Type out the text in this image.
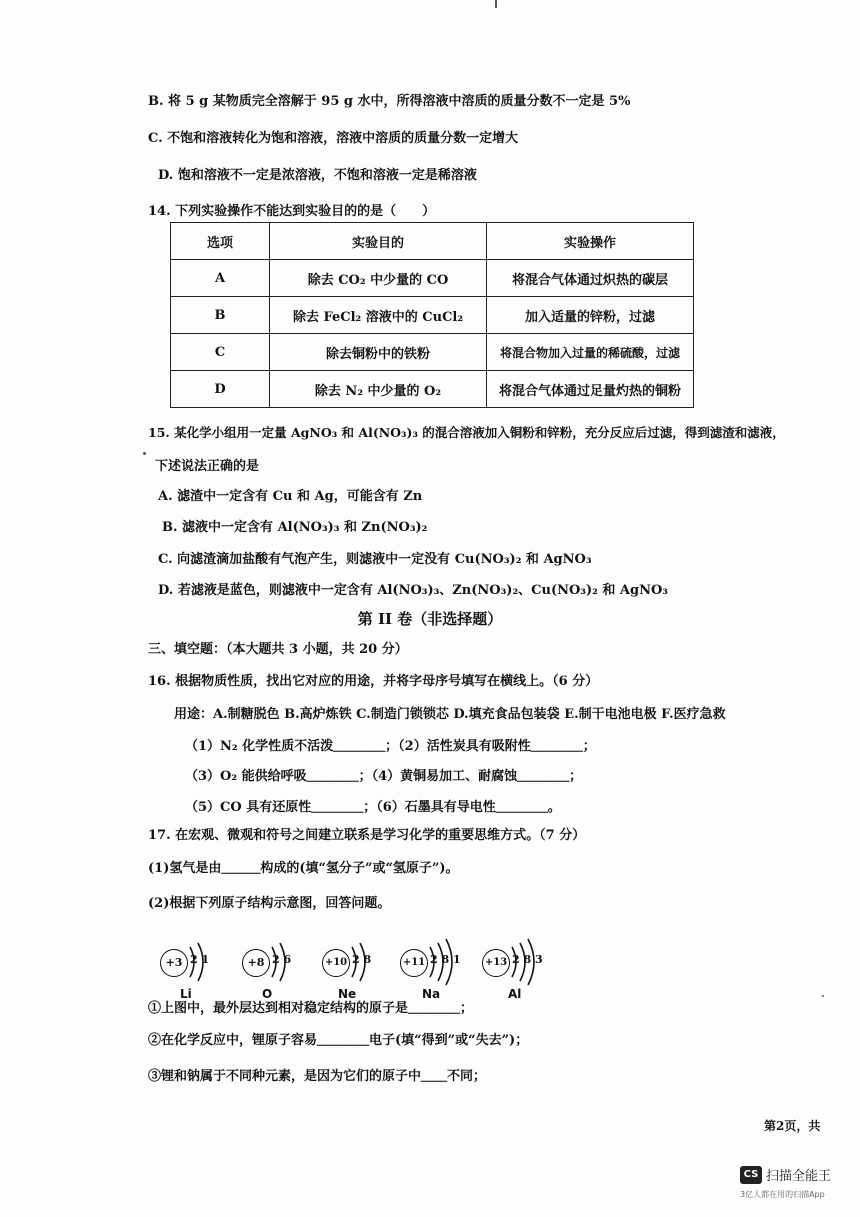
B. 将 5 g 某物质完全溶解于 95 g 水中，所得溶液中溶质的质量分数不一定是 5%
C. 不饱和溶液转化为饱和溶液，溶液中溶质的质量分数一定增大
D. 饱和溶液不一定是浓溶液，不饱和溶液一定是稀溶液
14. 下列实验操作不能达到实验目的的是（　　）
选项	实验目的	实验操作
A	除去 CO₂ 中少量的 CO	将混合气体通过炽热的碳层
B	除去 FeCl₂ 溶液中的 CuCl₂	加入适量的锌粉，过滤
C	除去铜粉中的铁粉	将混合物加入过量的稀硫酸，过滤
D	除去 N₂ 中少量的 O₂	将混合气体通过足量灼热的铜粉
15. 某化学小组用一定量 AgNO₃ 和 Al(NO₃)₃ 的混合溶液加入铜粉和锌粉，充分反应后过滤，得到滤渣和滤液，
下述说法正确的是
A. 滤渣中一定含有 Cu 和 Ag，可能含有 Zn
B. 滤液中一定含有 Al(NO₃)₃ 和 Zn(NO₃)₂
C. 向滤渣滴加盐酸有气泡产生，则滤液中一定没有 Cu(NO₃)₂ 和 AgNO₃
D. 若滤液是蓝色，则滤液中一定含有 Al(NO₃)₃、Zn(NO₃)₂、Cu(NO₃)₂ 和 AgNO₃
第 II 卷（非选择题）
三、填空题：（本大题共 3 小题，共 20 分）
16. 根据物质性质，找出它对应的用途，并将字母序号填写在横线上。（6 分）
用途：A.制糖脱色 B.高炉炼铁 C.制造门锁锁芯 D.填充食品包装袋 E.制干电池电极 F.医疗急救
（1）N₂ 化学性质不活泼＿＿＿＿；（2）活性炭具有吸附性＿＿＿＿；
（3）O₂ 能供给呼吸＿＿＿＿；（4）黄铜易加工、耐腐蚀＿＿＿＿；
（5）CO 具有还原性＿＿＿＿；（6）石墨具有导电性＿＿＿＿。
17. 在宏观、微观和符号之间建立联系是学习化学的重要思维方式。（7 分）
(1)氢气是由＿＿＿构成的(填“氢分子”或“氢原子”)。
(2)根据下列原子结构示意图，回答问题。
+3 2 1
Li
+8 2 6
O
+10 2 8
Ne
+11 2 8 1
Na
+13 2 8 3
Al
①上图中，最外层达到相对稳定结构的原子是＿＿＿＿；
②在化学反应中，锂原子容易＿＿＿＿电子(填“得到”或“失去”)；
③锂和钠属于不同种元素，是因为它们的原子中＿＿不同；
第2页，共
CS 扫描全能王
3亿人都在用的扫描App
